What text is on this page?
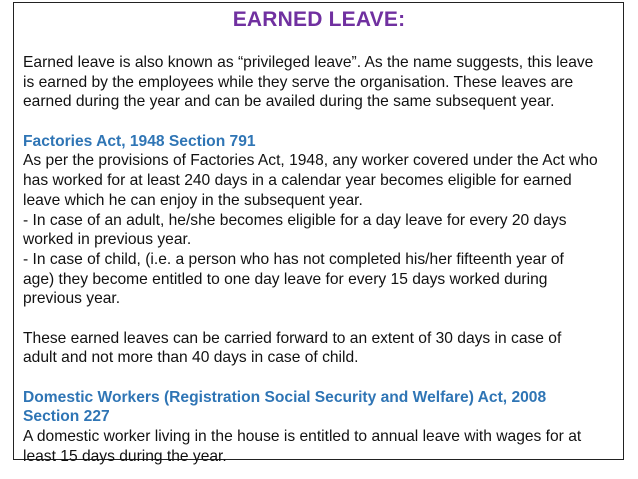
EARNED LEAVE:
Earned leave is also known as “privileged leave”. As the name suggests, this leave
is earned by the employees while they serve the organisation. These leaves are
earned during the year and can be availed during the same subsequent year.
Factories Act, 1948 Section 791
As per the provisions of Factories Act, 1948, any worker covered under the Act who
has worked for at least 240 days in a calendar year becomes eligible for earned
leave which he can enjoy in the subsequent year.
- In case of an adult, he/she becomes eligible for a day leave for every 20 days
worked in previous year.
- In case of child, (i.e. a person who has not completed his/her fifteenth year of
age) they become entitled to one day leave for every 15 days worked during
previous year.
These earned leaves can be carried forward to an extent of 30 days in case of
adult and not more than 40 days in case of child.
Domestic Workers (Registration Social Security and Welfare) Act, 2008
Section 227
A domestic worker living in the house is entitled to annual leave with wages for at
least 15 days during the year.
